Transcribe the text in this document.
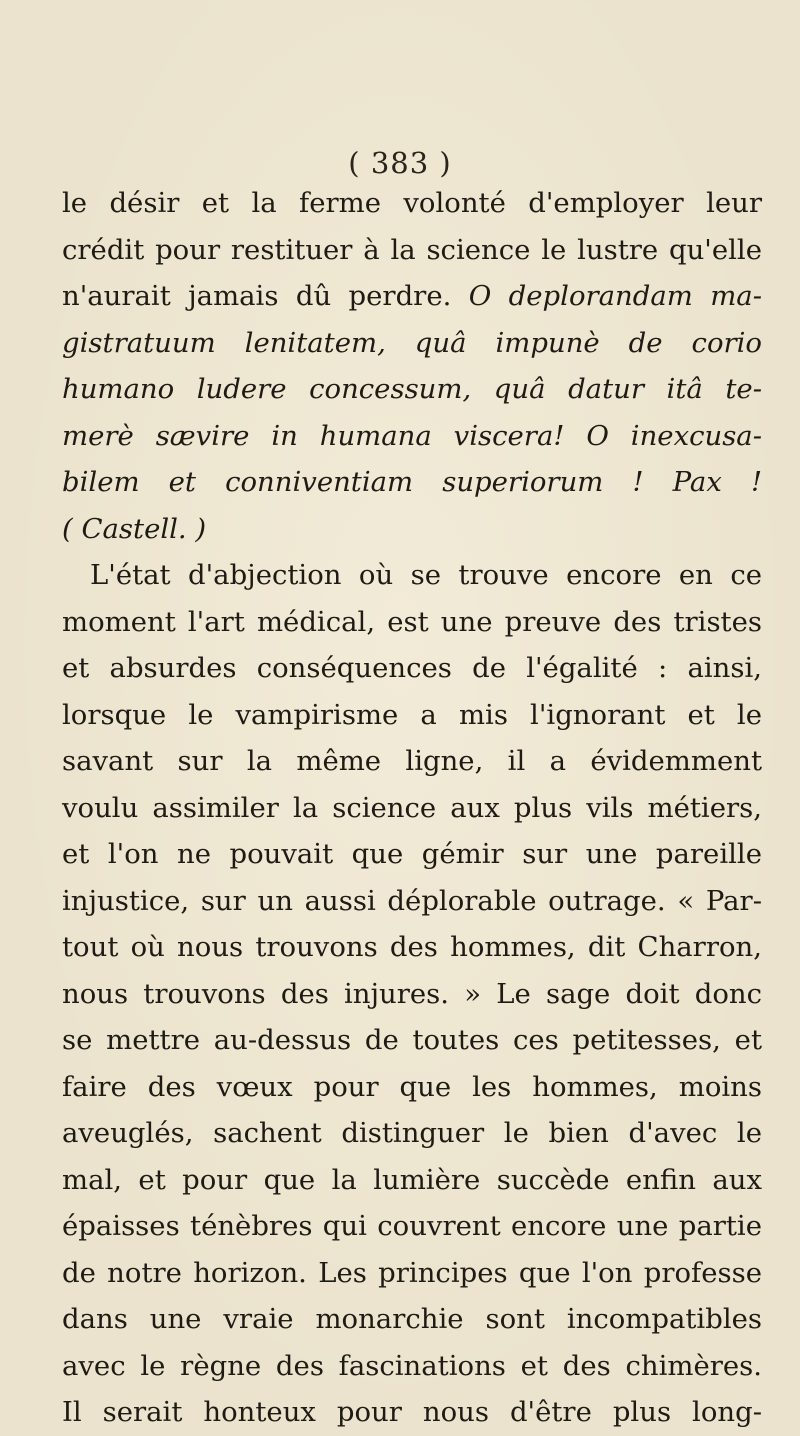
( 383 )
le désir et la ferme volonté d'employer leur
crédit pour restituer à la science le lustre qu'elle
n'aurait jamais dû perdre. O deplorandam ma-
gistratuum lenitatem, quâ impunè de corio
humano ludere concessum, quâ datur itâ te-
merè sævire in humana viscera! O inexcusa-
bilem et conniventiam superiorum ! Pax !
( Castell. )
L'état d'abjection où se trouve encore en ce
moment l'art médical, est une preuve des tristes
et absurdes conséquences de l'égalité : ainsi,
lorsque le vampirisme a mis l'ignorant et le
savant sur la même ligne, il a évidemment
voulu assimiler la science aux plus vils métiers,
et l'on ne pouvait que gémir sur une pareille
injustice, sur un aussi déplorable outrage. « Par-
tout où nous trouvons des hommes, dit Charron,
nous trouvons des injures. » Le sage doit donc
se mettre au-dessus de toutes ces petitesses, et
faire des vœux pour que les hommes, moins
aveuglés, sachent distinguer le bien d'avec le
mal, et pour que la lumière succède enfin aux
épaisses ténèbres qui couvrent encore une partie
de notre horizon. Les principes que l'on professe
dans une vraie monarchie sont incompatibles
avec le règne des fascinations et des chimères.
Il serait honteux pour nous d'être plus long-
